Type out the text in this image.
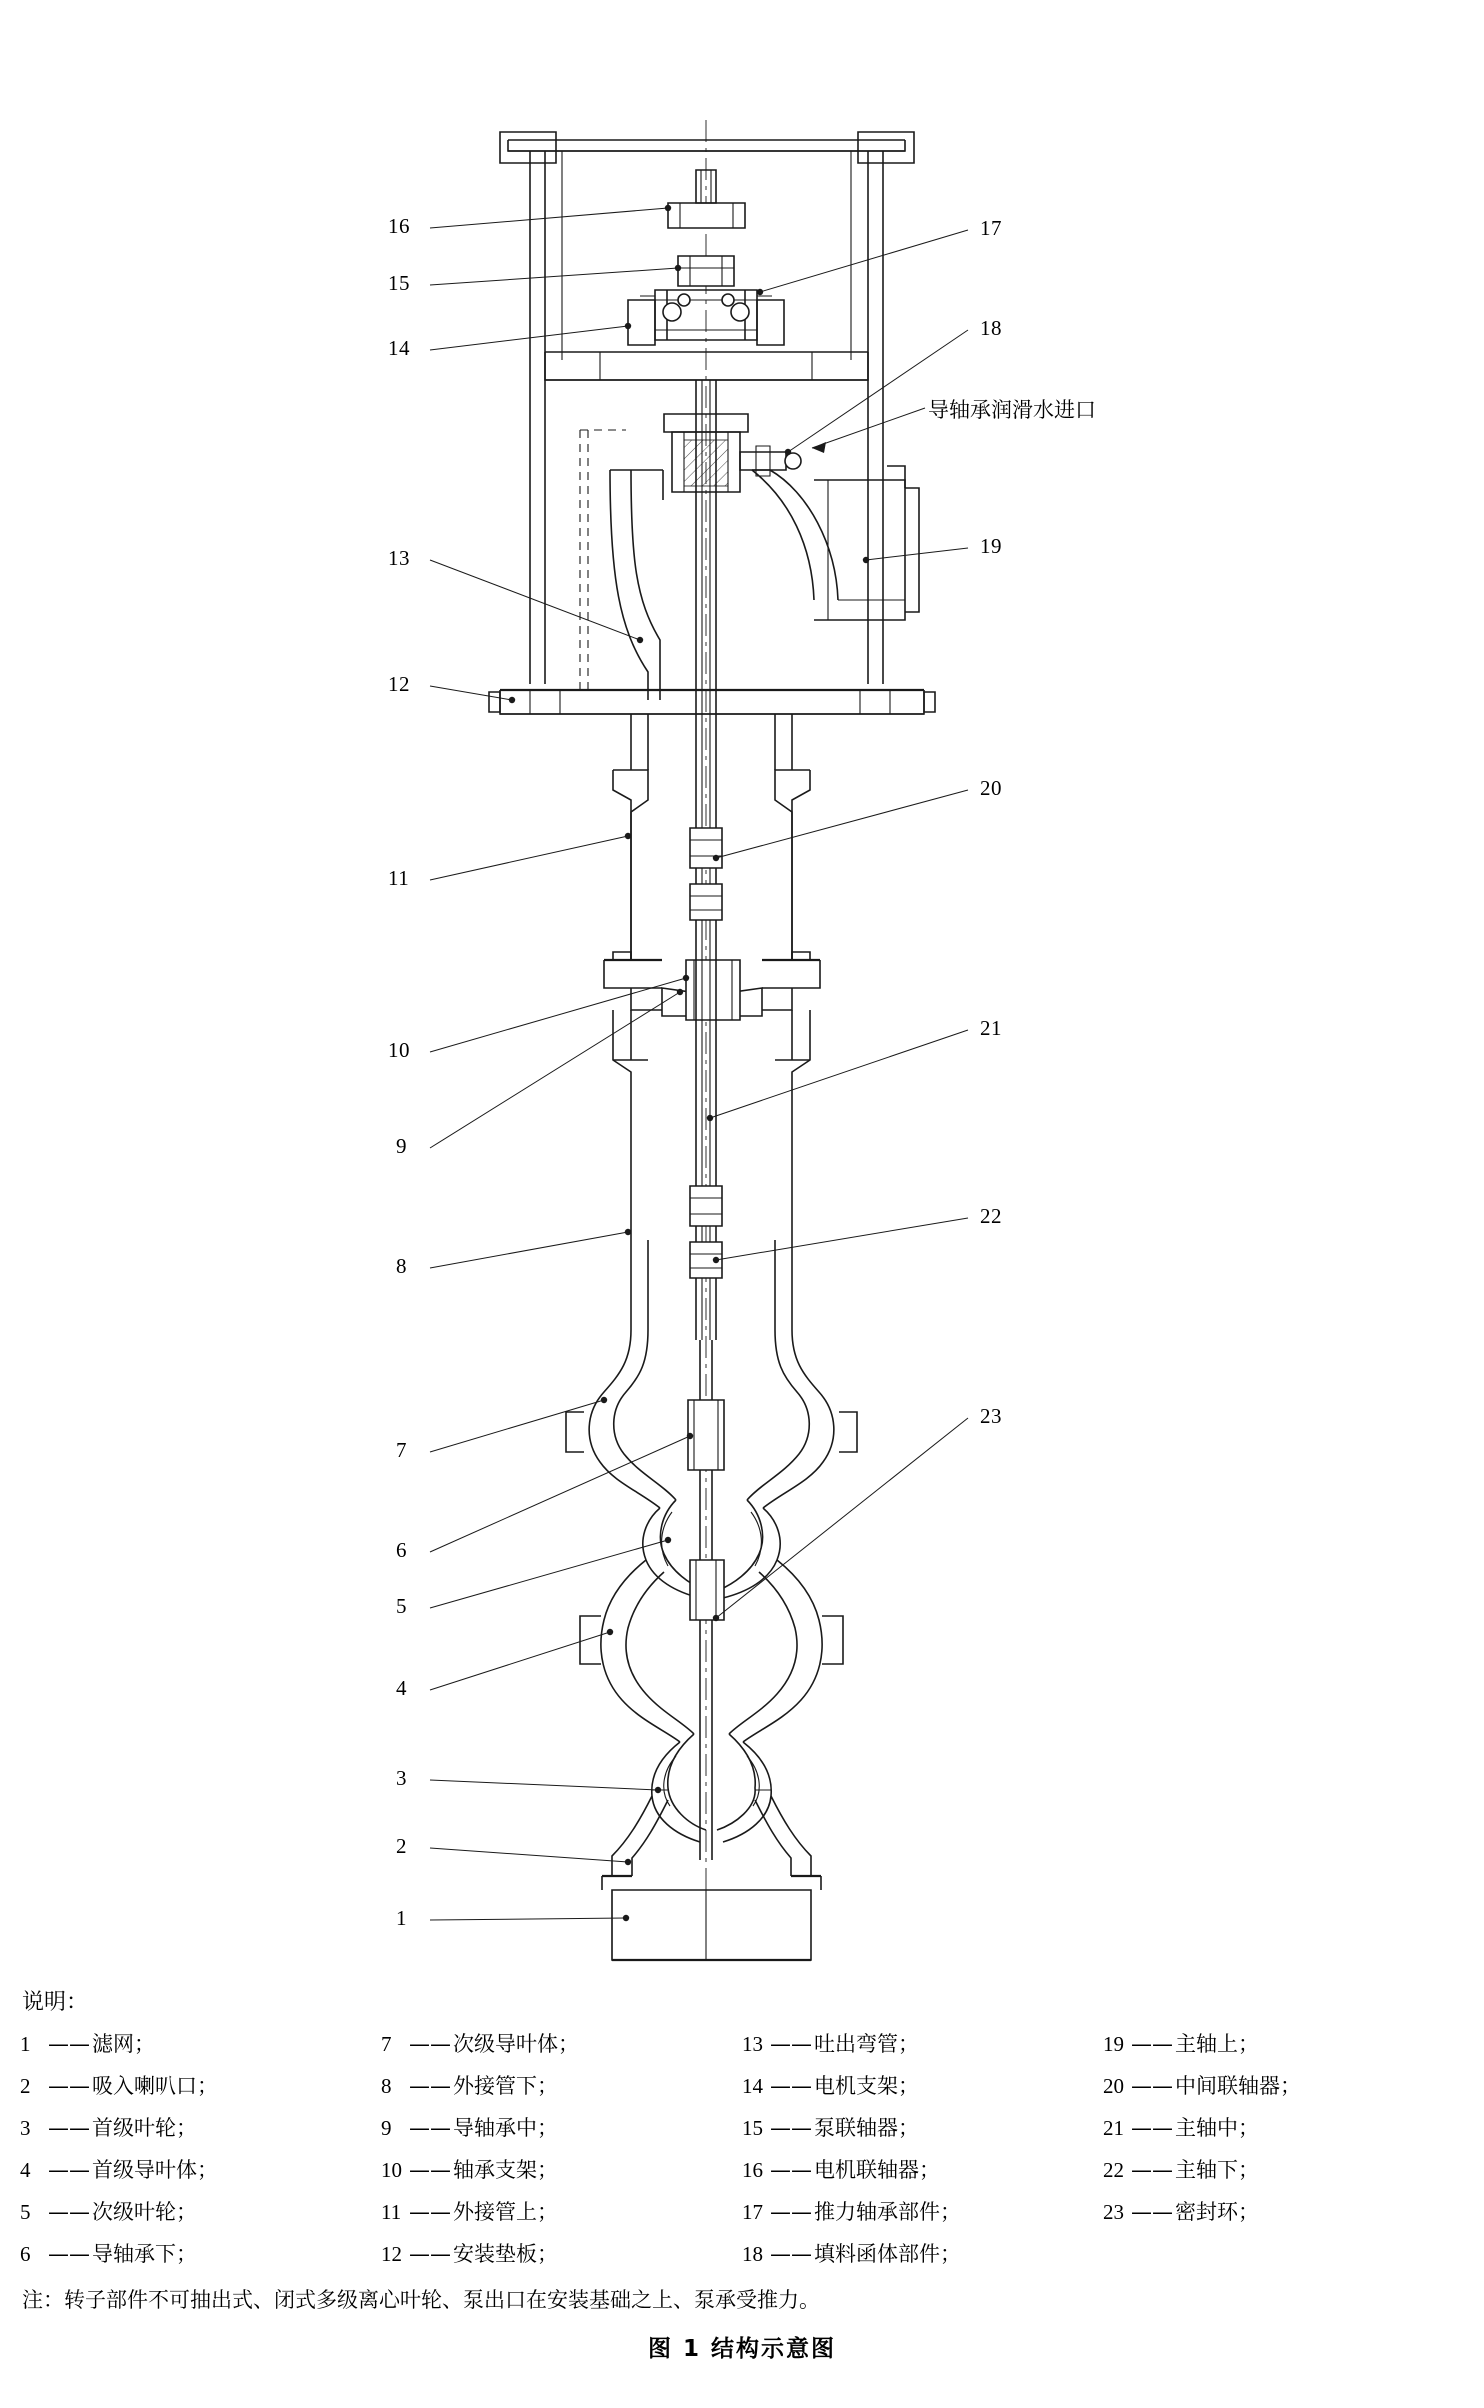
1
2
3
4
5
6
7
8
9
10
11
12
13
14
15
16	17
18
19
20
21
22
23
导轴承润滑水进口
说明：
1 —— 滤网；	7 —— 次级导叶体；	13 —— 吐出弯管；	19 —— 主轴上；
2 —— 吸入喇叭口；	8 —— 外接管下；	14 —— 电机支架；	20 —— 中间联轴器；
3 —— 首级叶轮；	9 —— 导轴承中；	15 —— 泵联轴器；	21 —— 主轴中；
4 —— 首级导叶体；	10 —— 轴承支架；	16 —— 电机联轴器；	22 —— 主轴下；
5 —— 次级叶轮；	11 —— 外接管上；	17 —— 推力轴承部件；	23 —— 密封环；
6 —— 导轴承下；	12 —— 安装垫板；	18 —— 填料函体部件；
注：转子部件不可抽出式、闭式多级离心叶轮、泵出口在安装基础之上、泵承受推力。
图 1 结构示意图
